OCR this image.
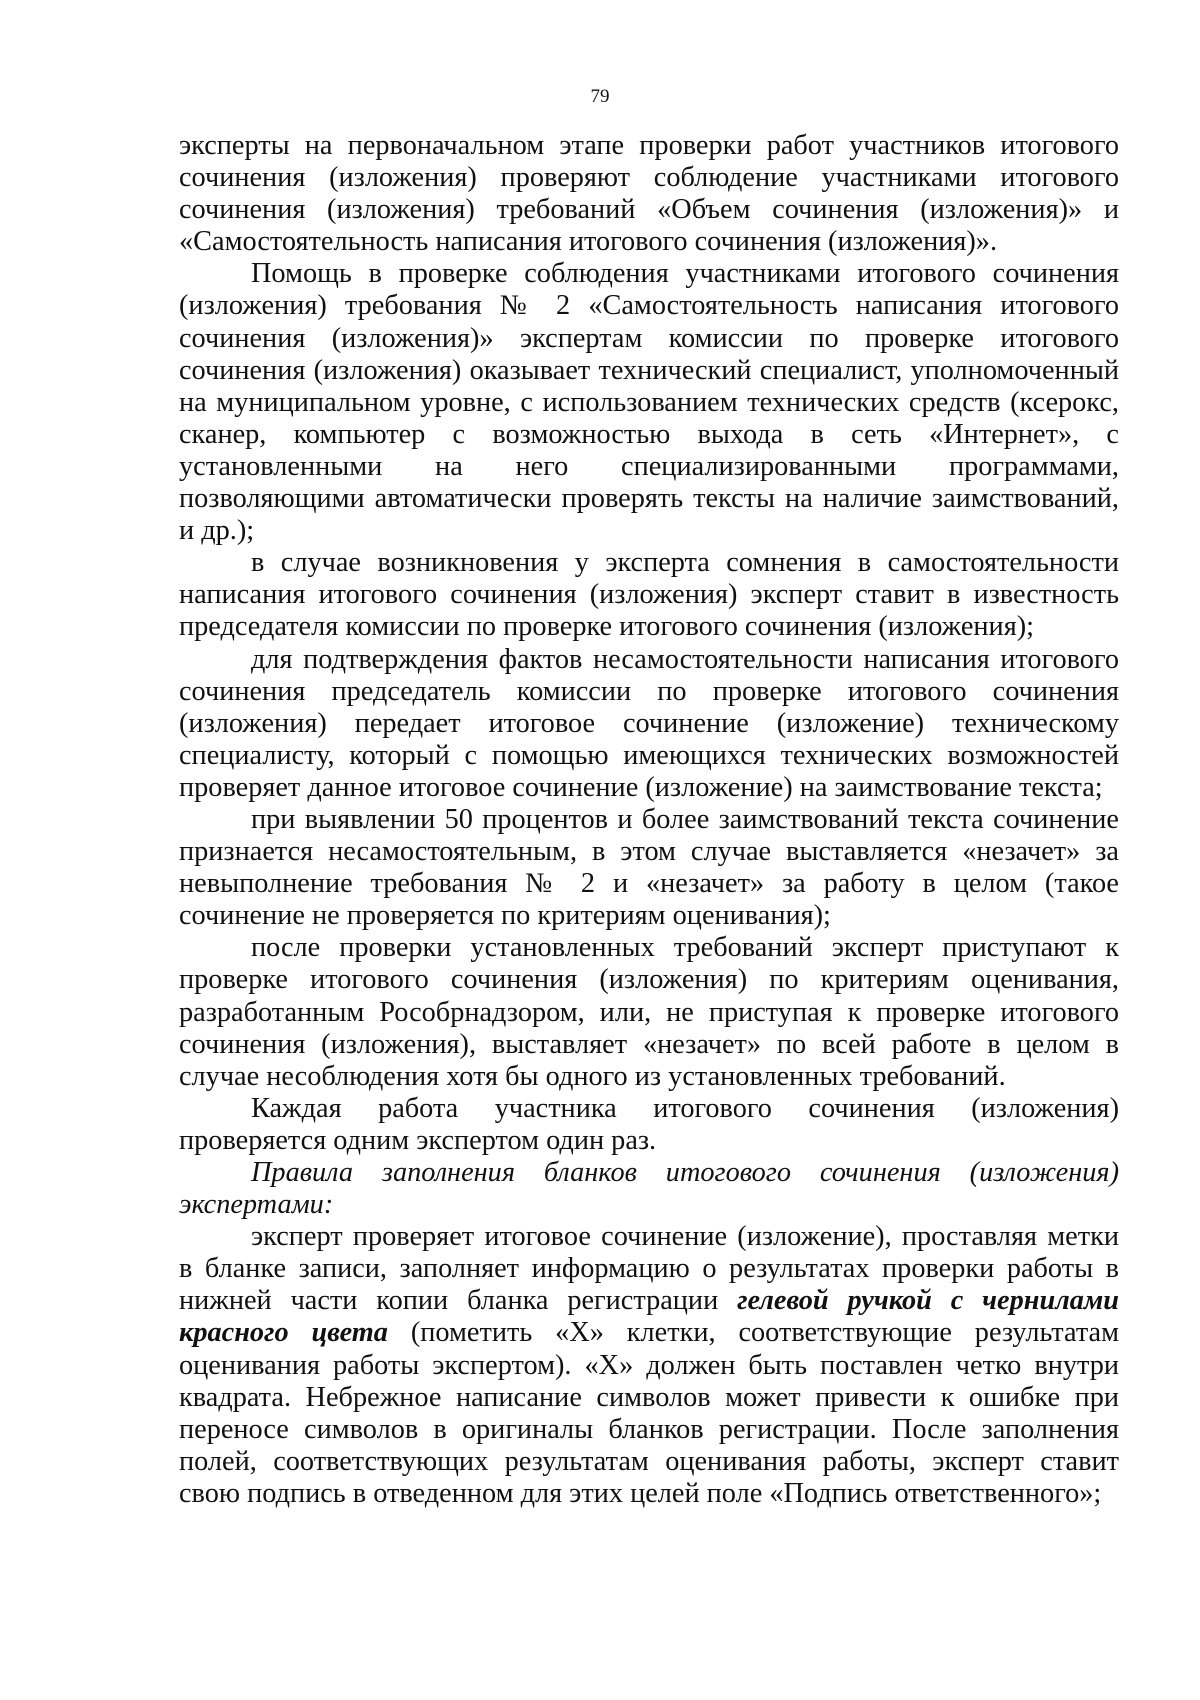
79

эксперты на первоначальном этапе проверки работ участников итогового сочинения (изложения) проверяют соблюдение участниками итогового сочинения (изложения) требований «Объем сочинения (изложения)» и «Самостоятельность написания итогового сочинения (изложения)».

Помощь в проверке соблюдения участниками итогового сочинения (изложения) требования № 2 «Самостоятельность написания итогового сочинения (изложения)» экспертам комиссии по проверке итогового сочинения (изложения) оказывает технический специалист, уполномоченный на муниципальном уровне, с использованием технических средств (ксерокс, сканер, компьютер с возможностью выхода в сеть «Интернет», с установленными на него специализированными программами, позволяющими автоматически проверять тексты на наличие заимствований, и др.);

в случае возникновения у эксперта сомнения в самостоятельности написания итогового сочинения (изложения) эксперт ставит в известность председателя комиссии по проверке итогового сочинения (изложения);

для подтверждения фактов несамостоятельности написания итогового сочинения председатель комиссии по проверке итогового сочинения (изложения) передает итоговое сочинение (изложение) техническому специалисту, который с помощью имеющихся технических возможностей проверяет данное итоговое сочинение (изложение) на заимствование текста;

при выявлении 50 процентов и более заимствований текста сочинение признается несамостоятельным, в этом случае выставляется «незачет» за невыполнение требования № 2 и «незачет» за работу в целом (такое сочинение не проверяется по критериям оценивания);

после проверки установленных требований эксперт приступают к проверке итогового сочинения (изложения) по критериям оценивания, разработанным Рособрнадзором, или, не приступая к проверке итогового сочинения (изложения), выставляет «незачет» по всей работе в целом в случае несоблюдения хотя бы одного из установленных требований.

Каждая работа участника итогового сочинения (изложения) проверяется одним экспертом один раз.

Правила заполнения бланков итогового сочинения (изложения) экспертами:

эксперт проверяет итоговое сочинение (изложение), проставляя метки в бланке записи, заполняет информацию о результатах проверки работы в нижней части копии бланка регистрации гелевой ручкой с чернилами красного цвета (пометить «X» клетки, соответствующие результатам оценивания работы экспертом). «X» должен быть поставлен четко внутри квадрата. Небрежное написание символов может привести к ошибке при переносе символов в оригиналы бланков регистрации. После заполнения полей, соответствующих результатам оценивания работы, эксперт ставит свою подпись в отведенном для этих целей поле «Подпись ответственного»;
